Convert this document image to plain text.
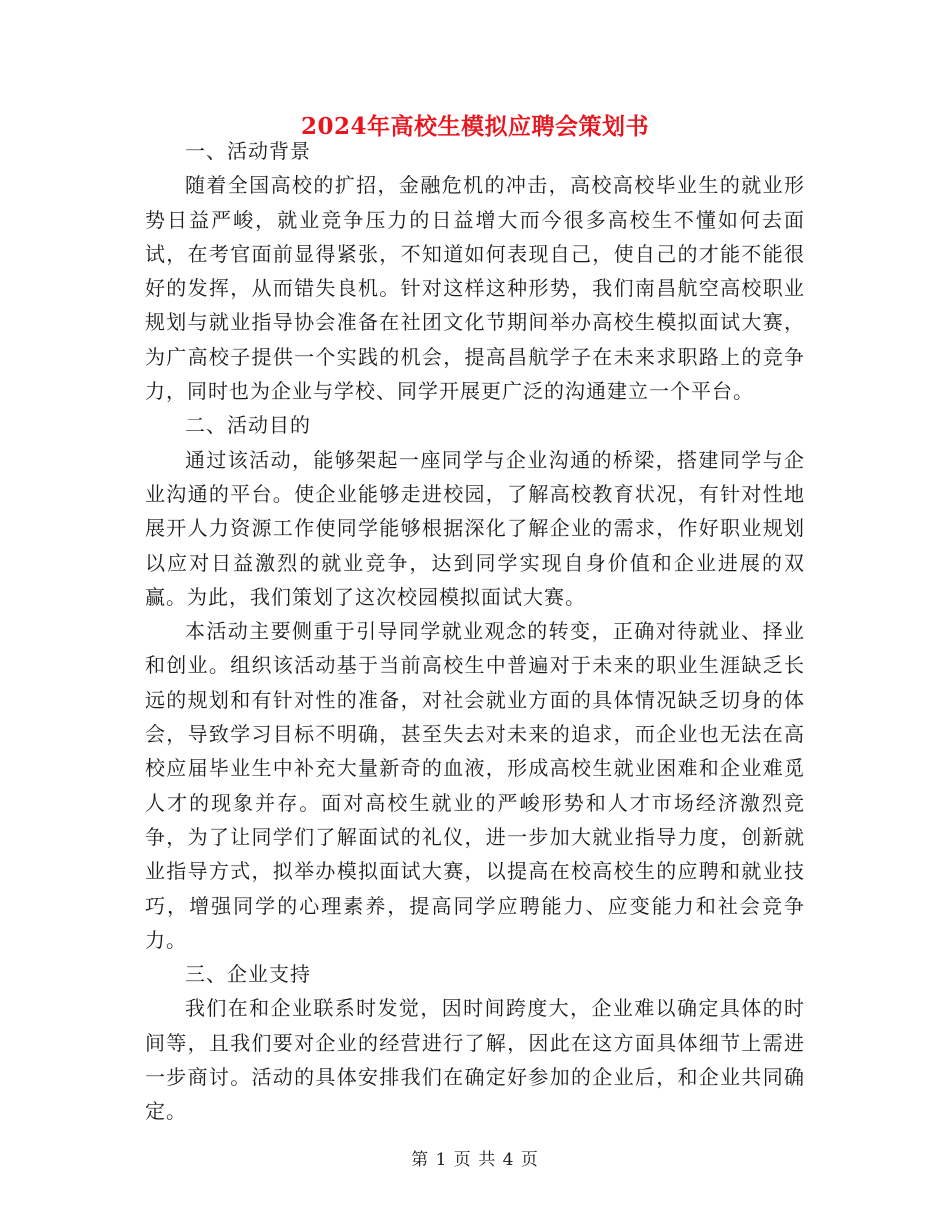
2024年高校生模拟应聘会策划书

一、活动背景

随着全国高校的扩招，金融危机的冲击，高校高校毕业生的就业形势日益严峻，就业竞争压力的日益增大而今很多高校生不懂如何去面试，在考官面前显得紧张，不知道如何表现自己，使自己的才能不能很好的发挥，从而错失良机。针对这样这种形势，我们南昌航空高校职业规划与就业指导协会准备在社团文化节期间举办高校生模拟面试大赛，为广高校子提供一个实践的机会，提高昌航学子在未来求职路上的竞争力，同时也为企业与学校、同学开展更广泛的沟通建立一个平台。

二、活动目的

通过该活动，能够架起一座同学与企业沟通的桥梁，搭建同学与企业沟通的平台。使企业能够走进校园，了解高校教育状况，有针对性地展开人力资源工作使同学能够根据深化了解企业的需求，作好职业规划以应对日益激烈的就业竞争，达到同学实现自身价值和企业进展的双赢。为此，我们策划了这次校园模拟面试大赛。

本活动主要侧重于引导同学就业观念的转变，正确对待就业、择业和创业。组织该活动基于当前高校生中普遍对于未来的职业生涯缺乏长远的规划和有针对性的准备，对社会就业方面的具体情况缺乏切身的体会，导致学习目标不明确，甚至失去对未来的追求，而企业也无法在高校应届毕业生中补充大量新奇的血液，形成高校生就业困难和企业难觅人才的现象并存。面对高校生就业的严峻形势和人才市场经济激烈竞争，为了让同学们了解面试的礼仪，进一步加大就业指导力度，创新就业指导方式，拟举办模拟面试大赛，以提高在校高校生的应聘和就业技巧，增强同学的心理素养，提高同学应聘能力、应变能力和社会竞争力。

三、企业支持

我们在和企业联系时发觉，因时间跨度大，企业难以确定具体的时间等，且我们要对企业的经营进行了解，因此在这方面具体细节上需进一步商讨。活动的具体安排我们在确定好参加的企业后，和企业共同确定。

第 1 页 共 4 页
